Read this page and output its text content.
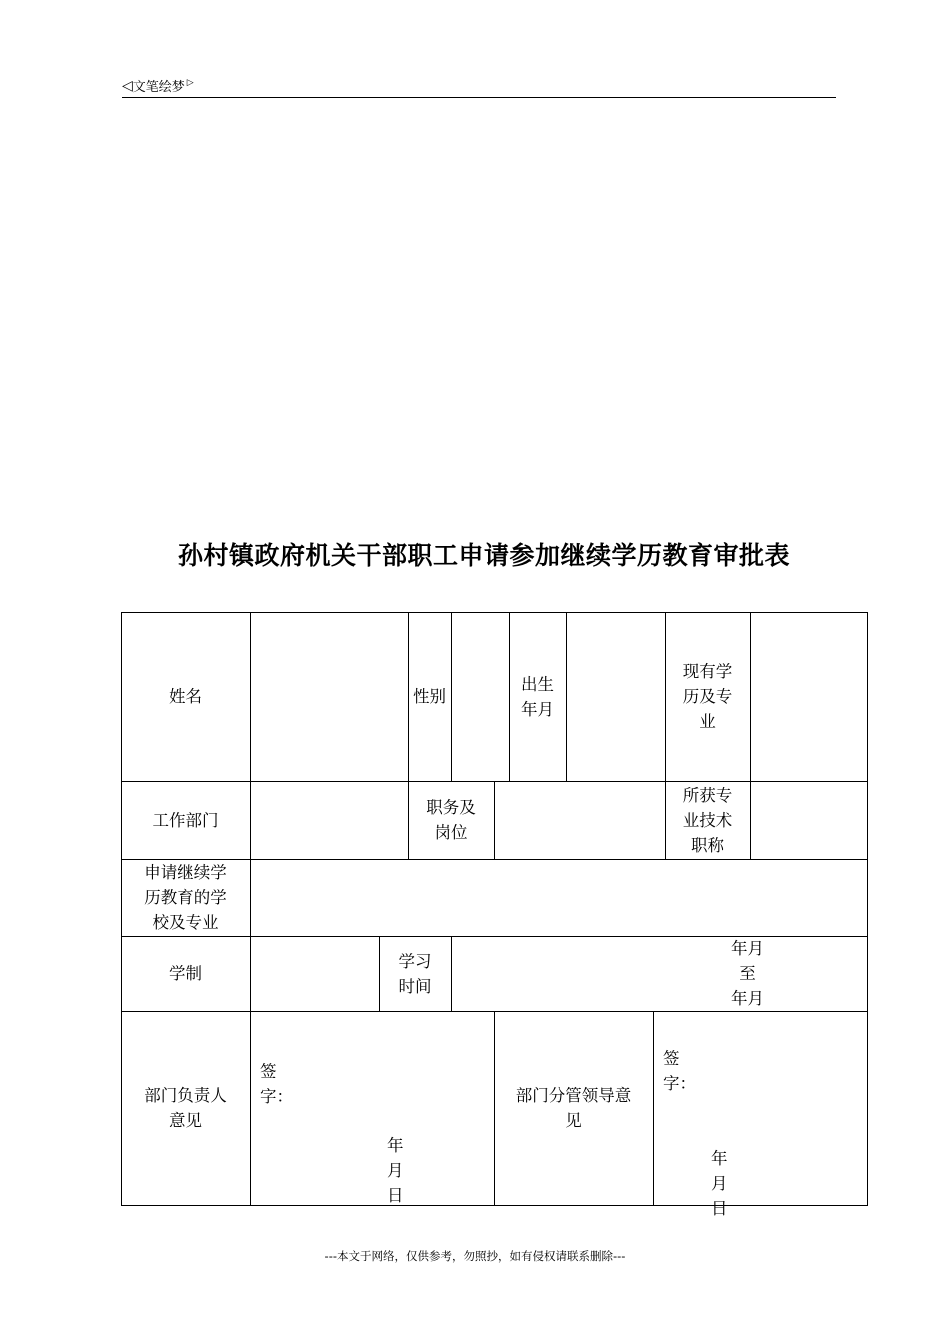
◁ 文笔绘梦 ▷
孙村镇政府机关干部职工申请参加继续学历教育审批表
姓名	性别
出生
年月
现有学
历及专
业
工作部门
职务及
岗位
所获专
业技术
职称
申请继续学
历教育的学
校及专业
学制
学习
时间
年月
至
年月
部门负责人
意见
签字：
年月日
部门分管领导意
见
签字：
年月日
---本文于网络，仅供参考，勿照抄，如有侵权请联系删除---
